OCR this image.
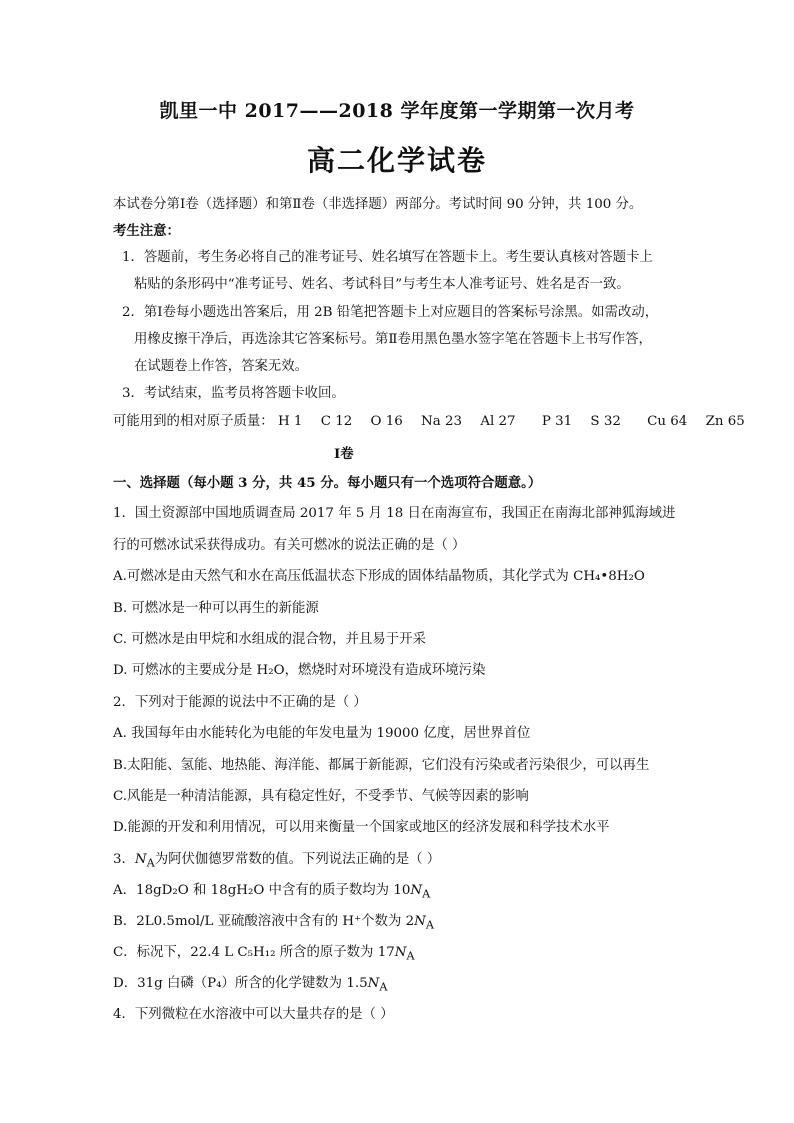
凯里一中 2017——2018 学年度第一学期第一次月考
高二化学试卷
本试卷分第Ⅰ卷（选择题）和第Ⅱ卷（非选择题）两部分。考试时间 90 分钟，共 100 分。
考生注意：
1．答题前，考生务必将自己的准考证号、姓名填写在答题卡上。考生要认真核对答题卡上
粘贴的条形码中“准考证号、姓名、考试科目”与考生本人准考证号、姓名是否一致。
2．第Ⅰ卷每小题选出答案后，用 2B 铅笔把答题卡上对应题目的答案标号涂黑。如需改动，
用橡皮擦干净后，再选涂其它答案标号。第Ⅱ卷用黑色墨水签字笔在答题卡上书写作答，
在试题卷上作答，答案无效。
3．考试结束，监考员将答题卡收回。
可能用到的相对原子质量： H 1 C 12 O 16 Na 23 Al 27 P 31 S 32 Cu 64 Zn 65
Ⅰ卷
一、选择题（每小题 3 分，共 45 分。每小题只有一个选项符合题意。）
1．国土资源部中国地质调查局 2017 年 5 月 18 日在南海宣布，我国正在南海北部神狐海域进
行的可燃冰试采获得成功。有关可燃冰的说法正确的是（ ）
A.可燃冰是由天然气和水在高压低温状态下形成的固体结晶物质，其化学式为 CH₄•8H₂O
B. 可燃冰是一种可以再生的新能源
C. 可燃冰是由甲烷和水组成的混合物，并且易于开采
D. 可燃冰的主要成分是 H₂O，燃烧时对环境没有造成环境污染
2．下列对于能源的说法中不正确的是（ ）
A. 我国每年由水能转化为电能的年发电量为 19000 亿度，居世界首位
B.太阳能、氢能、地热能、海洋能、都属于新能源，它们没有污染或者污染很少，可以再生
C.风能是一种清洁能源，具有稳定性好，不受季节、气候等因素的影响
D.能源的开发和利用情况，可以用来衡量一个国家或地区的经济发展和科学技术水平
3．$N_A$为阿伏伽德罗常数的值。下列说法正确的是（ ）
A．18gD₂O 和 18gH₂O 中含有的质子数均为 $10N_A$
B．2L0.5mol/L 亚硫酸溶液中含有的 H⁺个数为 $2N_A$
C．标况下，22.4 L C₅H₁₂ 所含的原子数为 $17N_A$
D．31g 白磷（P₄）所含的化学键数为 $1.5N_A$
4．下列微粒在水溶液中可以大量共存的是（ ）
